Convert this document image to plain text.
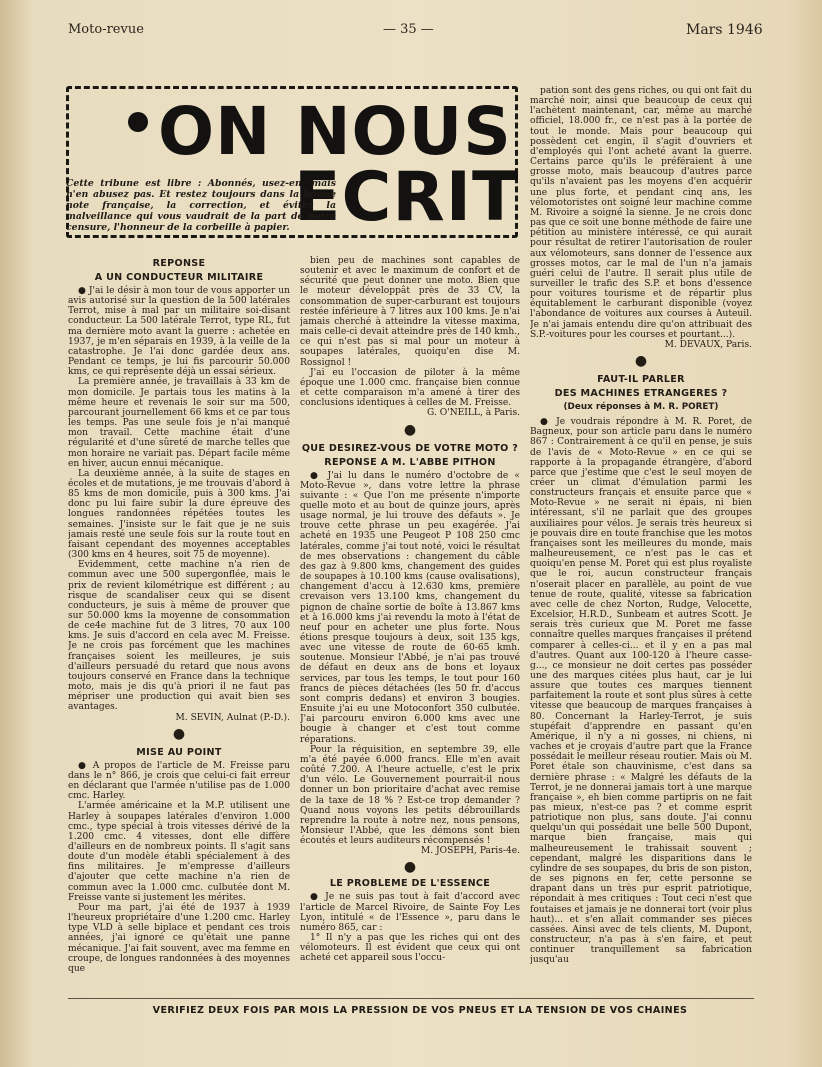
Moto-revue	— 35 —	Mars 1946
ON NOUS
ECRIT
Cette tribune est libre : Abonnés, usez-en, mais n'en abusez pas. Et restez toujours dans la bonne note française, la correction, et évitez la malveillance qui vous vaudrait de la part de notre censure, l'honneur de la corbeille à papier.
REPONSE
A UN CONDUCTEUR MILITAIRE

● J'ai le désir à mon tour de vous apporter un avis autorisé sur la question de la 500 latérales Terrot, mise à mal par un militaire soi-disant conducteur. La 500 latérale Terrot, type RL, fut ma dernière moto avant la guerre : achetée en 1937, je m'en séparais en 1939, à la veille de la catastrophe. Je l'ai donc gardée deux ans. Pendant ce temps, je lui fis parcourir 50.000 kms, ce qui représente déjà un essai sérieux.

La première année, je travaillais à 33 km de mon domicile. Je partais tous les matins à la même heure et revenais le soir sur ma 500, parcourant journellement 66 kms et ce par tous les temps. Pas une seule fois je n'ai manqué mon travail. Cette machine était d'une régularité et d'une sûreté de marche telles que mon horaire ne variait pas. Départ facile même en hiver, aucun ennui mécanique.

La deuxième année, à la suite de stages en écoles et de mutations, je me trouvais d'abord à 85 kms de mon domicile, puis à 300 kms. J'ai donc pu lui faire subir la dure épreuve des longues randonnées répétées toutes les semaines. J'insiste sur le fait que je ne suis jamais resté une seule fois sur la route tout en faisant cependant des moyennes acceptables (300 kms en 4 heures, soit 75 de moyenne).

Evidemment, cette machine n'a rien de commun avec une 500 supergonflée, mais le prix de revient kilométrique est différent ; au risque de scandaliser ceux qui se disent conducteurs, je suis à même de prouver que sur 50.000 kms la moyenne de consommation de ce4e machine fut de 3 litres, 70 aux 100 kms. Je suis d'accord en cela avec M. Freisse. Je ne crois pas forcément que les machines françaises soient les meilleures, je suis d'ailleurs persuadé du retard que nous avons toujours conservé en France dans la technique moto, mais je dis qu'à priori il ne faut pas mépriser une production qui avait bien ses avantages.

M. SEVIN, Aulnat (P.-D.).

●
MISE AU POINT

● A propos de l'article de M. Freisse paru dans le n° 866, je crois que celui-ci fait erreur en déclarant que l'armée n'utilise pas de 1.000 cmc. Harley.

L'armée américaine et la M.P. utilisent une Harley à soupapes latérales d'environ 1.000 cmc., type spécial à trois vitesses dérivé de la 1.200 cmc. 4 vitesses, dont elle diffère d'ailleurs en de nombreux points. Il s'agit sans doute d'un modèle établi spécialement à des fins militaires. Je m'empresse d'ailleurs d'ajouter que cette machine n'a rien de commun avec la 1.000 cmc. culbutée dont M. Freisse vante si justement les mérites.

Pour ma part, j'ai été de 1937 à 1939 l'heureux propriétaire d'une 1.200 cmc. Harley type VLD à selle biplace et pendant ces trois années, j'ai ignoré ce qu'était une panne mécanique. J'ai fait souvent, avec ma femme en croupe, de longues randonnées à des moyennes que

bien peu de machines sont capables de soutenir et avec le maximum de confort et de sécurité que peut donner une moto. Bien que le moteur développât près de 33 CV, la consommation de super-carburant est toujours restée inférieure à 7 litres aux 100 kms. Je n'ai jamais cherché à atteindre la vitesse maxima, mais celle-ci devait atteindre près de 140 kmh., ce qui n'est pas si mal pour un moteur à soupapes latérales, quoiqu'en dise M. Rossignol !

J'ai eu l'occasion de piloter à la même époque une 1.000 cmc. française bien connue et cette comparaison m'a amené à tirer des conclusions identiques à celles de M. Freisse.

G. O'NEILL, à Paris.

●
QUE DESIREZ-VOUS DE VOTRE MOTO ?
REPONSE A M. L'ABBE PITHON

● J'ai lu dans le numéro d'octobre de « Moto-Revue », dans votre lettre la phrase suivante : « Que l'on me présente n'importe quelle moto et au bout de quinze jours, après usage normal, je lui trouve des défauts ». Je trouve cette phrase un peu exagérée. J'ai acheté en 1935 une Peugeot P 108 250 cmc latérales, comme j'ai tout noté, voici le résultat de mes observations : changement du câble des gaz à 9.800 kms, changement des guides de soupapes à 10.100 kms (cause ovalisations), changement d'accu à 12.630 kms, première crevaison vers 13.100 kms, changement du pignon de chaîne sortie de boîte à 13.867 kms et à 16.000 kms j'ai revendu la moto à l'état de neuf pour en acheter une plus forte. Nous étions presque toujours à deux, soit 135 kgs, avec une vitesse de route de 60-65 kmh. soutenue. Monsieur l'Abbé, je n'ai pas trouvé de défaut en deux ans de bons et loyaux services, par tous les temps, le tout pour 160 francs de pièces détachées (les 50 fr. d'accus sont compris dedans) et environ 3 bougies. Ensuite j'ai eu une Motoconfort 350 culbutée. J'ai parcouru environ 6.000 kms avec une bougie à changer et c'est tout comme réparations.

Pour la réquisition, en septembre 39, elle m'a été payée 6.000 francs. Elle m'en avait coûté 7.200. A l'heure actuelle, c'est le prix d'un vélo. Le Gouvernement pourrait-il nous donner un bon prioritaire d'achat avec remise de la taxe de 18 % ? Est-ce trop demander ? Quand nous voyons les petits débrouillards reprendre la route à notre nez, nous pensons, Monsieur l'Abbé, que les démons sont bien écoutés et leurs auditeurs récompensés !

M. JOSEPH, Paris-4e.

●
LE PROBLEME DE L'ESSENCE

● Je ne suis pas tout à fait d'accord avec l'article de Marcel Rivoire, de Sainte Foy Les Lyon, intitulé « de l'Essence », paru dans le numéro 865, car :

1° Il n'y a pas que les riches qui ont des vélomoteurs. Il est évident que ceux qui ont acheté cet appareil sous l'occu-

pation sont des gens riches, ou qui ont fait du marché noir, ainsi que beaucoup de ceux qui l'achètent maintenant, car, même au marché officiel, 18.000 fr., ce n'est pas à la portée de tout le monde. Mais pour beaucoup qui possèdent cet engin, il s'agit d'ouvriers et d'employés qui l'ont acheté avant la guerre. Certains parce qu'ils le préféraient à une grosse moto, mais beaucoup d'autres parce qu'ils n'avaient pas les moyens d'en acquérir une plus forte, et pendant cinq ans, les vélomotoristes ont soigné leur machine comme M. Rivoire a soigné la sienne. Je ne crois donc pas que ce soit une bonne méthode de faire une pétition au ministère intéressé, ce qui aurait pour résultat de retirer l'autorisation de rouler aux vélomoteurs, sans donner de l'essence aux grosses motos, car le mal de l'un n'a jamais guéri celui de l'autre. Il serait plus utile de surveiller le trafic des S.P. et bons d'essence pour voitures tourisme et de répartir plus équitablement le carburant disponible (voyez l'abondance de voitures aux courses à Auteuil. Je n'ai jamais entendu dire qu'on attribuait des S.P.-voitures pour les courses et pourtant...).

M. DEVAUX, Paris.

●
FAUT-IL PARLER
DES MACHINES ETRANGERES ?
(Deux réponses à M. R. PORET)

● Je voudrais répondre à M. R. Poret, de Bagneux, pour son article paru dans le numéro 867 : Contrairement à ce qu'il en pense, je suis de l'avis de « Moto-Revue » en ce qui se rapporte à la propagande étrangère, d'abord parce que j'estime que c'est le seul moyen de créer un climat d'émulation parmi les constructeurs français et ensuite parce que « Moto-Revue » ne serait ni épais, ni bien intéressant, s'il ne parlait que des groupes auxiliaires pour vélos. Je serais très heureux si je pouvais dire en toute franchise que les motos françaises sont les meilleures du monde, mais malheureusement, ce n'est pas le cas et quoiqu'en pense M. Poret qui est plus royaliste que le roi, aucun constructeur français n'oserait placer en parallèle, au point de vue tenue de route, qualité, vitesse sa fabrication avec celle de chez Norton, Rudge, Velocette, Excelsior, H.R.D., Sunbeam et autres Scott. Je serais très curieux que M. Poret me fasse connaître quelles marques françaises il prétend comparer à celles-ci... et il y en a pas mal d'autres. Quant aux 100-120 à l'heure casse-g..., ce monsieur ne doit certes pas posséder une des marques citées plus haut, car je lui assure que toutes ces marques tiennent parfaitement la route et sont plus sûres à cette vitesse que beaucoup de marques françaises à 80. Concernant la Harley-Terrot, je suis stupéfait d'apprendre en passant qu'en Amérique, il n'y a ni gosses, ni chiens, ni vaches et je croyais d'autre part que la France possédait le meilleur réseau routier. Mais où M. Poret étale son chauvinisme, c'est dans sa dernière phrase : « Malgré les défauts de la Terrot, je ne donnerai jamais tort à une marque française », eh bien comme partipris on ne fait pas mieux, n'est-ce pas ? et comme esprit patriotique non plus, sans doute. J'ai connu quelqu'un qui possédait une belle 500 Dupont, marque bien française, mais qui malheureusement le trahissait souvent ; cependant, malgré les disparitions dans le cylindre de ses soupapes, du bris de son piston, de ses pignons en fer, cette personne se drapant dans un très pur esprit patriotique, répondait à mes critiques : Tout ceci n'est que foutaises et jamais je ne donnerai tort (voir plus haut)... et s'en allait commander ses pièces cassées. Ainsi avec de tels clients, M. Dupont, constructeur, n'a pas à s'en faire, et peut continuer tranquillement sa fabrication jusqu'au

VERIFIEZ DEUX FOIS PAR MOIS LA PRESSION DE VOS PNEUS ET LA TENSION DE VOS CHAINES
